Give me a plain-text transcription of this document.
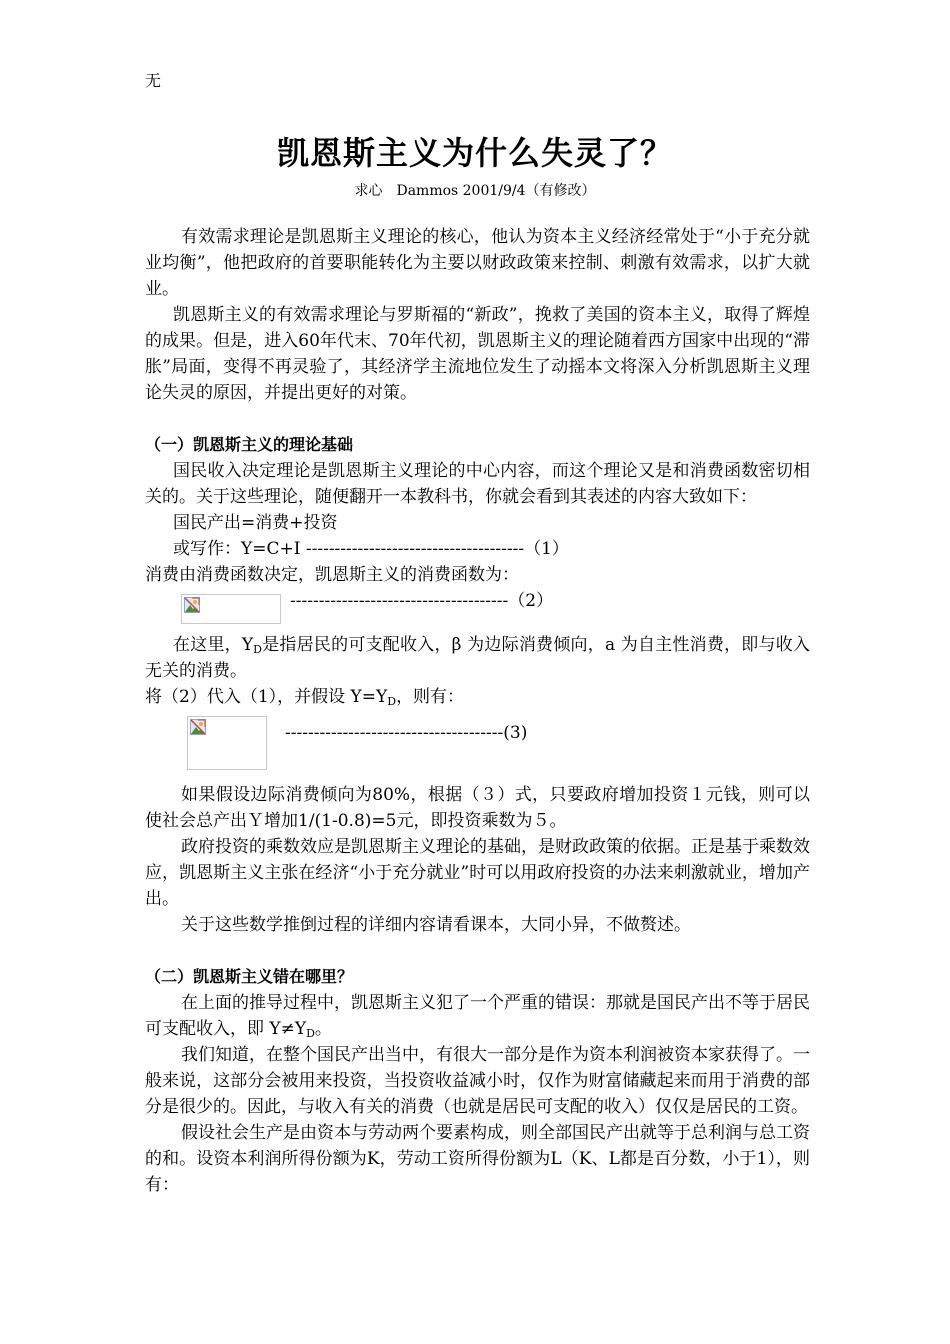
无
凯恩斯主义为什么失灵了？
求心　Dammos 2001/9/4（有修改）

有效需求理论是凯恩斯主义理论的核心，他认为资本主义经济经常处于“小于充分就业均衡”，他把政府的首要职能转化为主要以财政政策来控制、刺激有效需求，以扩大就业。

凯恩斯主义的有效需求理论与罗斯福的“新政”，挽救了美国的资本主义，取得了辉煌的成果。但是，进入60年代末、70年代初，凯恩斯主义的理论随着西方国家中出现的“滞胀”局面，变得不再灵验了，其经济学主流地位发生了动摇本文将深入分析凯恩斯主义理论失灵的原因，并提出更好的对策。

（一）凯恩斯主义的理论基础

国民收入决定理论是凯恩斯主义理论的中心内容，而这个理论又是和消费函数密切相关的。关于这些理论，随便翻开一本教科书，你就会看到其表述的内容大致如下：

国民产出=消费+投资

或写作：Y=C+I --------------------------------------（1）

消费由消费函数决定，凯恩斯主义的消费函数为：

--------------------------------------（2）

在这里，$Y_D$是指居民的可支配收入，β 为边际消费倾向，a 为自主性消费，即与收入无关的消费。

将（2）代入（1），并假设 $Y=Y_D$，则有：

--------------------------------------(3)

如果假设边际消费倾向为80%，根据（３）式，只要政府增加投资１元钱，则可以使社会总产出Ｙ增加1/(1-0.8)=5元，即投资乘数为５。

政府投资的乘数效应是凯恩斯主义理论的基础，是财政政策的依据。正是基于乘数效应，凯恩斯主义主张在经济“小于充分就业”时可以用政府投资的办法来刺激就业，增加产出。

关于这些数学推倒过程的详细内容请看课本，大同小异，不做赘述。

（二）凯恩斯主义错在哪里？

在上面的推导过程中，凯恩斯主义犯了一个严重的错误：那就是国民产出不等于居民可支配收入，即 $Y\ne Y_D$。

我们知道，在整个国民产出当中，有很大一部分是作为资本利润被资本家获得了。一般来说，这部分会被用来投资，当投资收益减小时，仅作为财富储藏起来而用于消费的部分是很少的。因此，与收入有关的消费（也就是居民可支配的收入）仅仅是居民的工资。

假设社会生产是由资本与劳动两个要素构成，则全部国民产出就等于总利润与总工资的和。设资本利润所得份额为K，劳动工资所得份额为L（K、L都是百分数，小于1），则有：
